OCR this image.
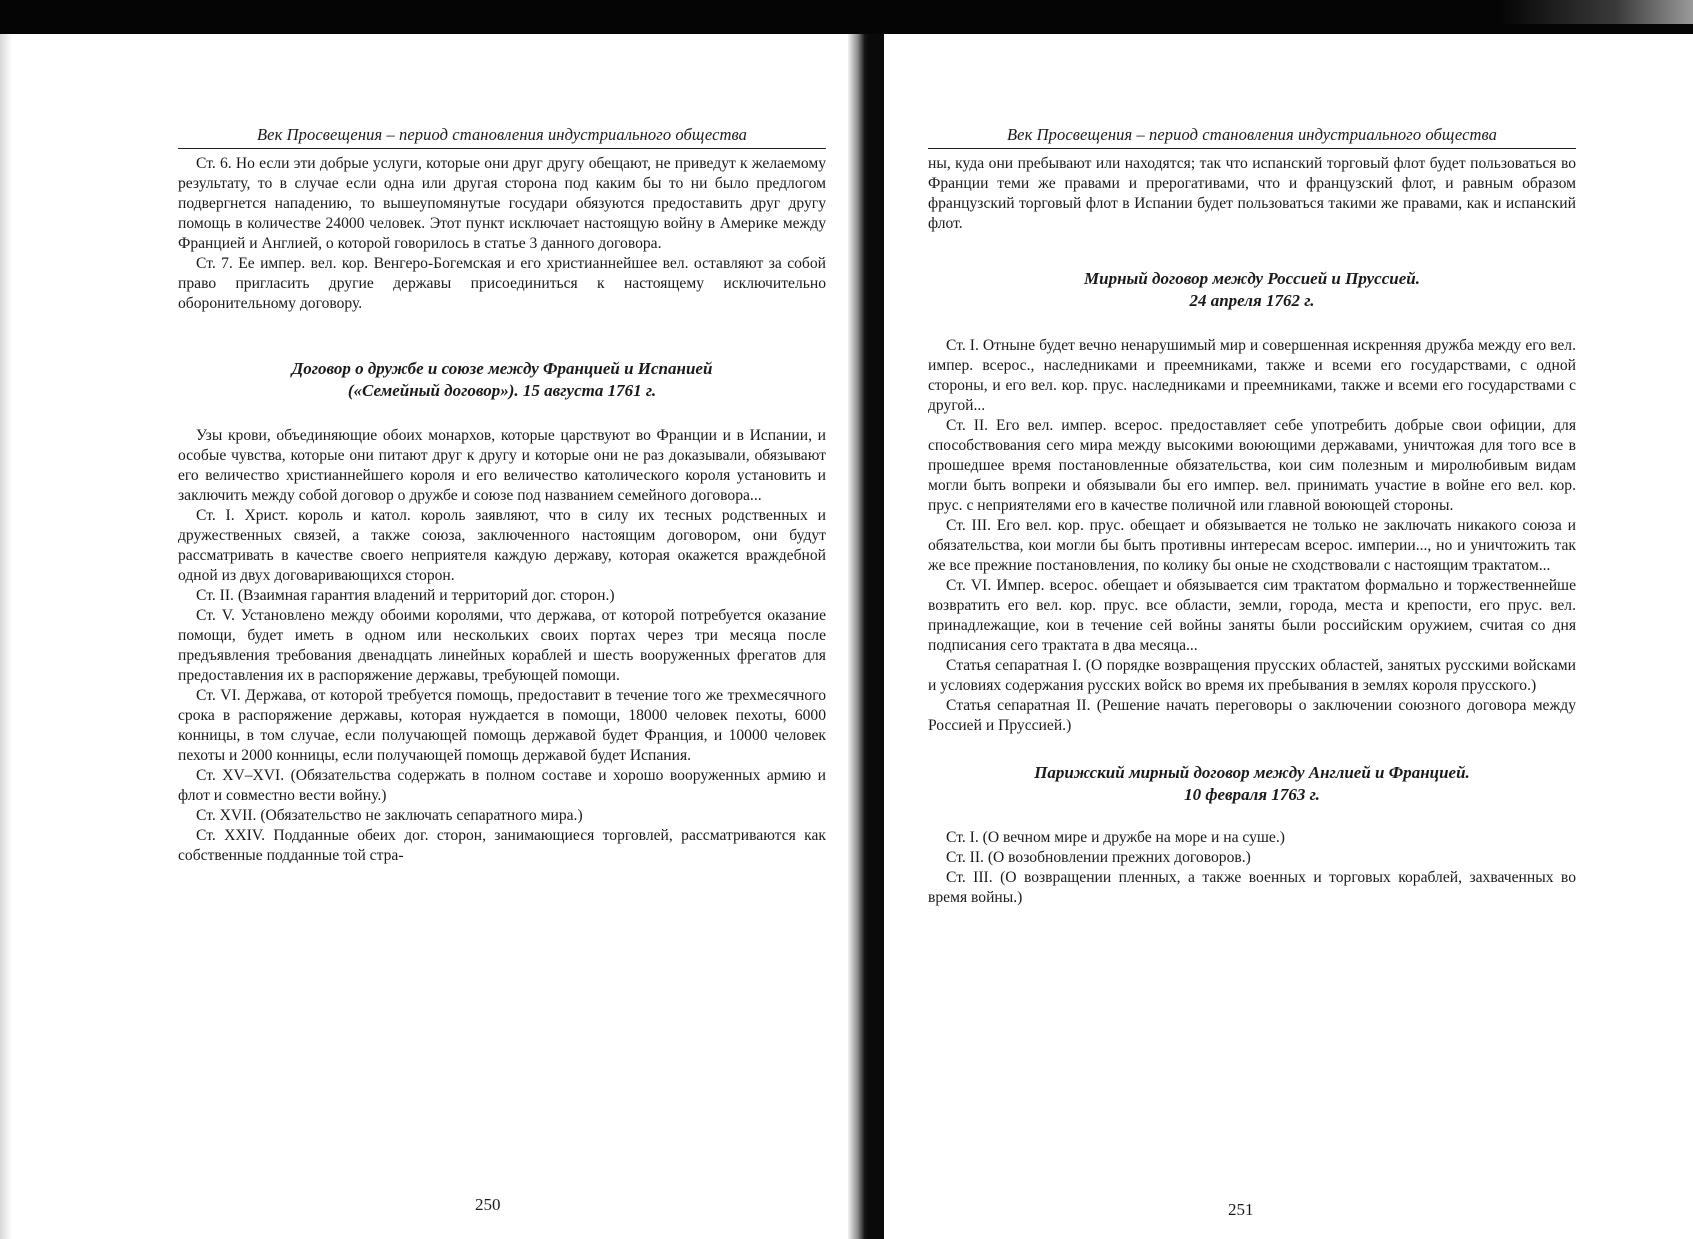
Век Просвещения – период становления индустриального общества

Ст. 6. Но если эти добрые услуги, которые они друг другу обещают, не приведут к желаемому результату, то в случае если одна или другая сторона под каким бы то ни было предлогом подвергнется нападению, то вышеупомянутые государи обязуются предоставить друг другу помощь в количестве 24000 человек. Этот пункт исключает настоящую войну в Америке между Францией и Англией, о которой говорилось в статье 3 данного договора.

Ст. 7. Ее импер. вел. кор. Венгеро-Богемская и его христианнейшее вел. оставляют за собой право пригласить другие державы присоединиться к настоящему исключительно оборонительному договору.

Договор о дружбе и союзе между Францией и Испанией
(«Семейный договор»). 15 августа 1761 г.

Узы крови, объединяющие обоих монархов, которые царствуют во Франции и в Испании, и особые чувства, которые они питают друг к другу и которые они не раз доказывали, обязывают его величество христианнейшего короля и его величество католического короля установить и заключить между собой договор о дружбе и союзе под названием семейного договора...

Ст. I. Христ. король и катол. король заявляют, что в силу их тесных родственных и дружественных связей, а также союза, заключенного настоящим договором, они будут рассматривать в качестве своего неприятеля каждую державу, которая окажется враждебной одной из двух договаривающихся сторон.

Ст. II. (Взаимная гарантия владений и территорий дог. сторон.)

Ст. V. Установлено между обоими королями, что держава, от которой потребуется оказание помощи, будет иметь в одном или нескольких своих портах через три месяца после предъявления требования двенадцать линейных кораблей и шесть вооруженных фрегатов для предоставления их в распоряжение державы, требующей помощи.

Ст. VI. Держава, от которой требуется помощь, предоставит в течение того же трехмесячного срока в распоряжение державы, которая нуждается в помощи, 18000 человек пехоты, 6000 конницы, в том случае, если получающей помощь державой будет Франция, и 10000 человек пехоты и 2000 конницы, если получающей помощь державой будет Испания.

Ст. XV–XVI. (Обязательства содержать в полном составе и хорошо вооруженных армию и флот и совместно вести войну.)

Ст. XVII. (Обязательство не заключать сепаратного мира.)

Ст. XXIV. Подданные обеих дог. сторон, занимающиеся торговлей, рассматриваются как собственные подданные той стра-

250
Век Просвещения – период становления индустриального общества

ны, куда они пребывают или находятся; так что испанский торговый флот будет пользоваться во Франции теми же правами и прерогативами, что и французский флот, и равным образом французский торговый флот в Испании будет пользоваться такими же правами, как и испанский флот.

Мирный договор между Россией и Пруссией.
24 апреля 1762 г.

Ст. I. Отныне будет вечно ненарушимый мир и совершенная искренняя дружба между его вел. импер. всерос., наследниками и преемниками, также и всеми его государствами, с одной стороны, и его вел. кор. прус. наследниками и преемниками, также и всеми его государствами с другой...

Ст. II. Его вел. импер. всерос. предоставляет себе употребить добрые свои официи, для способствования сего мира между высокими воюющими державами, уничтожая для того все в прошедшее время постановленные обязательства, кои сим полезным и миролюбивым видам могли быть вопреки и обязывали бы его импер. вел. принимать участие в войне его вел. кор. прус. с неприятелями его в качестве поличной или главной воюющей стороны.

Ст. III. Его вел. кор. прус. обещает и обязывается не только не заключать никакого союза и обязательства, кои могли бы быть противны интересам всерос. империи..., но и уничтожить так же все прежние постановления, по колику бы оные не сходствовали с настоящим трактатом...

Ст. VI. Импер. всерос. обещает и обязывается сим трактатом формально и торжественнейше возвратить его вел. кор. прус. все области, земли, города, места и крепости, его прус. вел. принадлежащие, кои в течение сей войны заняты были российским оружием, считая со дня подписания сего трактата в два месяца...

Статья сепаратная I. (О порядке возвращения прусских областей, занятых русскими войсками и условиях содержания русских войск во время их пребывания в землях короля прусского.)

Статья сепаратная II. (Решение начать переговоры о заключении союзного договора между Россией и Пруссией.)

Парижский мирный договор между Англией и Францией.
10 февраля 1763 г.

Ст. I. (О вечном мире и дружбе на море и на суше.)

Ст. II. (О возобновлении прежних договоров.)

Ст. III. (О возвращении пленных, а также военных и торговых кораблей, захваченных во время войны.)

251
